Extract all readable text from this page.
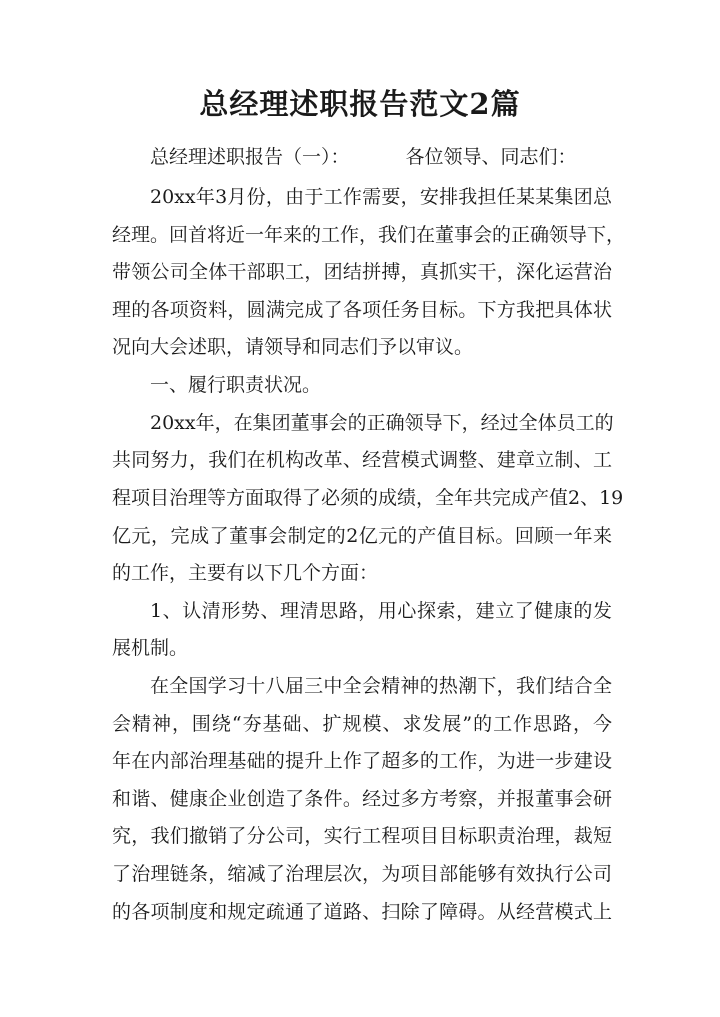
总经理述职报告范文2篇
总经理述职报告（一）：	各位领导、同志们：
20xx年3月份，由于工作需要，安排我担任某某集团总
经理。回首将近一年来的工作，我们在董事会的正确领导下，
带领公司全体干部职工，团结拼搏，真抓实干，深化运营治
理的各项资料，圆满完成了各项任务目标。下方我把具体状
况向大会述职，请领导和同志们予以审议。
一、履行职责状况。
20xx年，在集团董事会的正确领导下，经过全体员工的
共同努力，我们在机构改革、经营模式调整、建章立制、工
程项目治理等方面取得了必须的成绩，全年共完成产值2、19
亿元，完成了董事会制定的2亿元的产值目标。回顾一年来
的工作，主要有以下几个方面：
1、认清形势、理清思路，用心探索，建立了健康的发
展机制。
在全国学习十八届三中全会精神的热潮下，我们结合全
会精神，围绕“夯基础、扩规模、求发展”的工作思路，今
年在内部治理基础的提升上作了超多的工作，为进一步建设
和谐、健康企业创造了条件。经过多方考察，并报董事会研
究，我们撤销了分公司，实行工程项目目标职责治理，裁短
了治理链条，缩减了治理层次，为项目部能够有效执行公司
的各项制度和规定疏通了道路、扫除了障碍。从经营模式上
